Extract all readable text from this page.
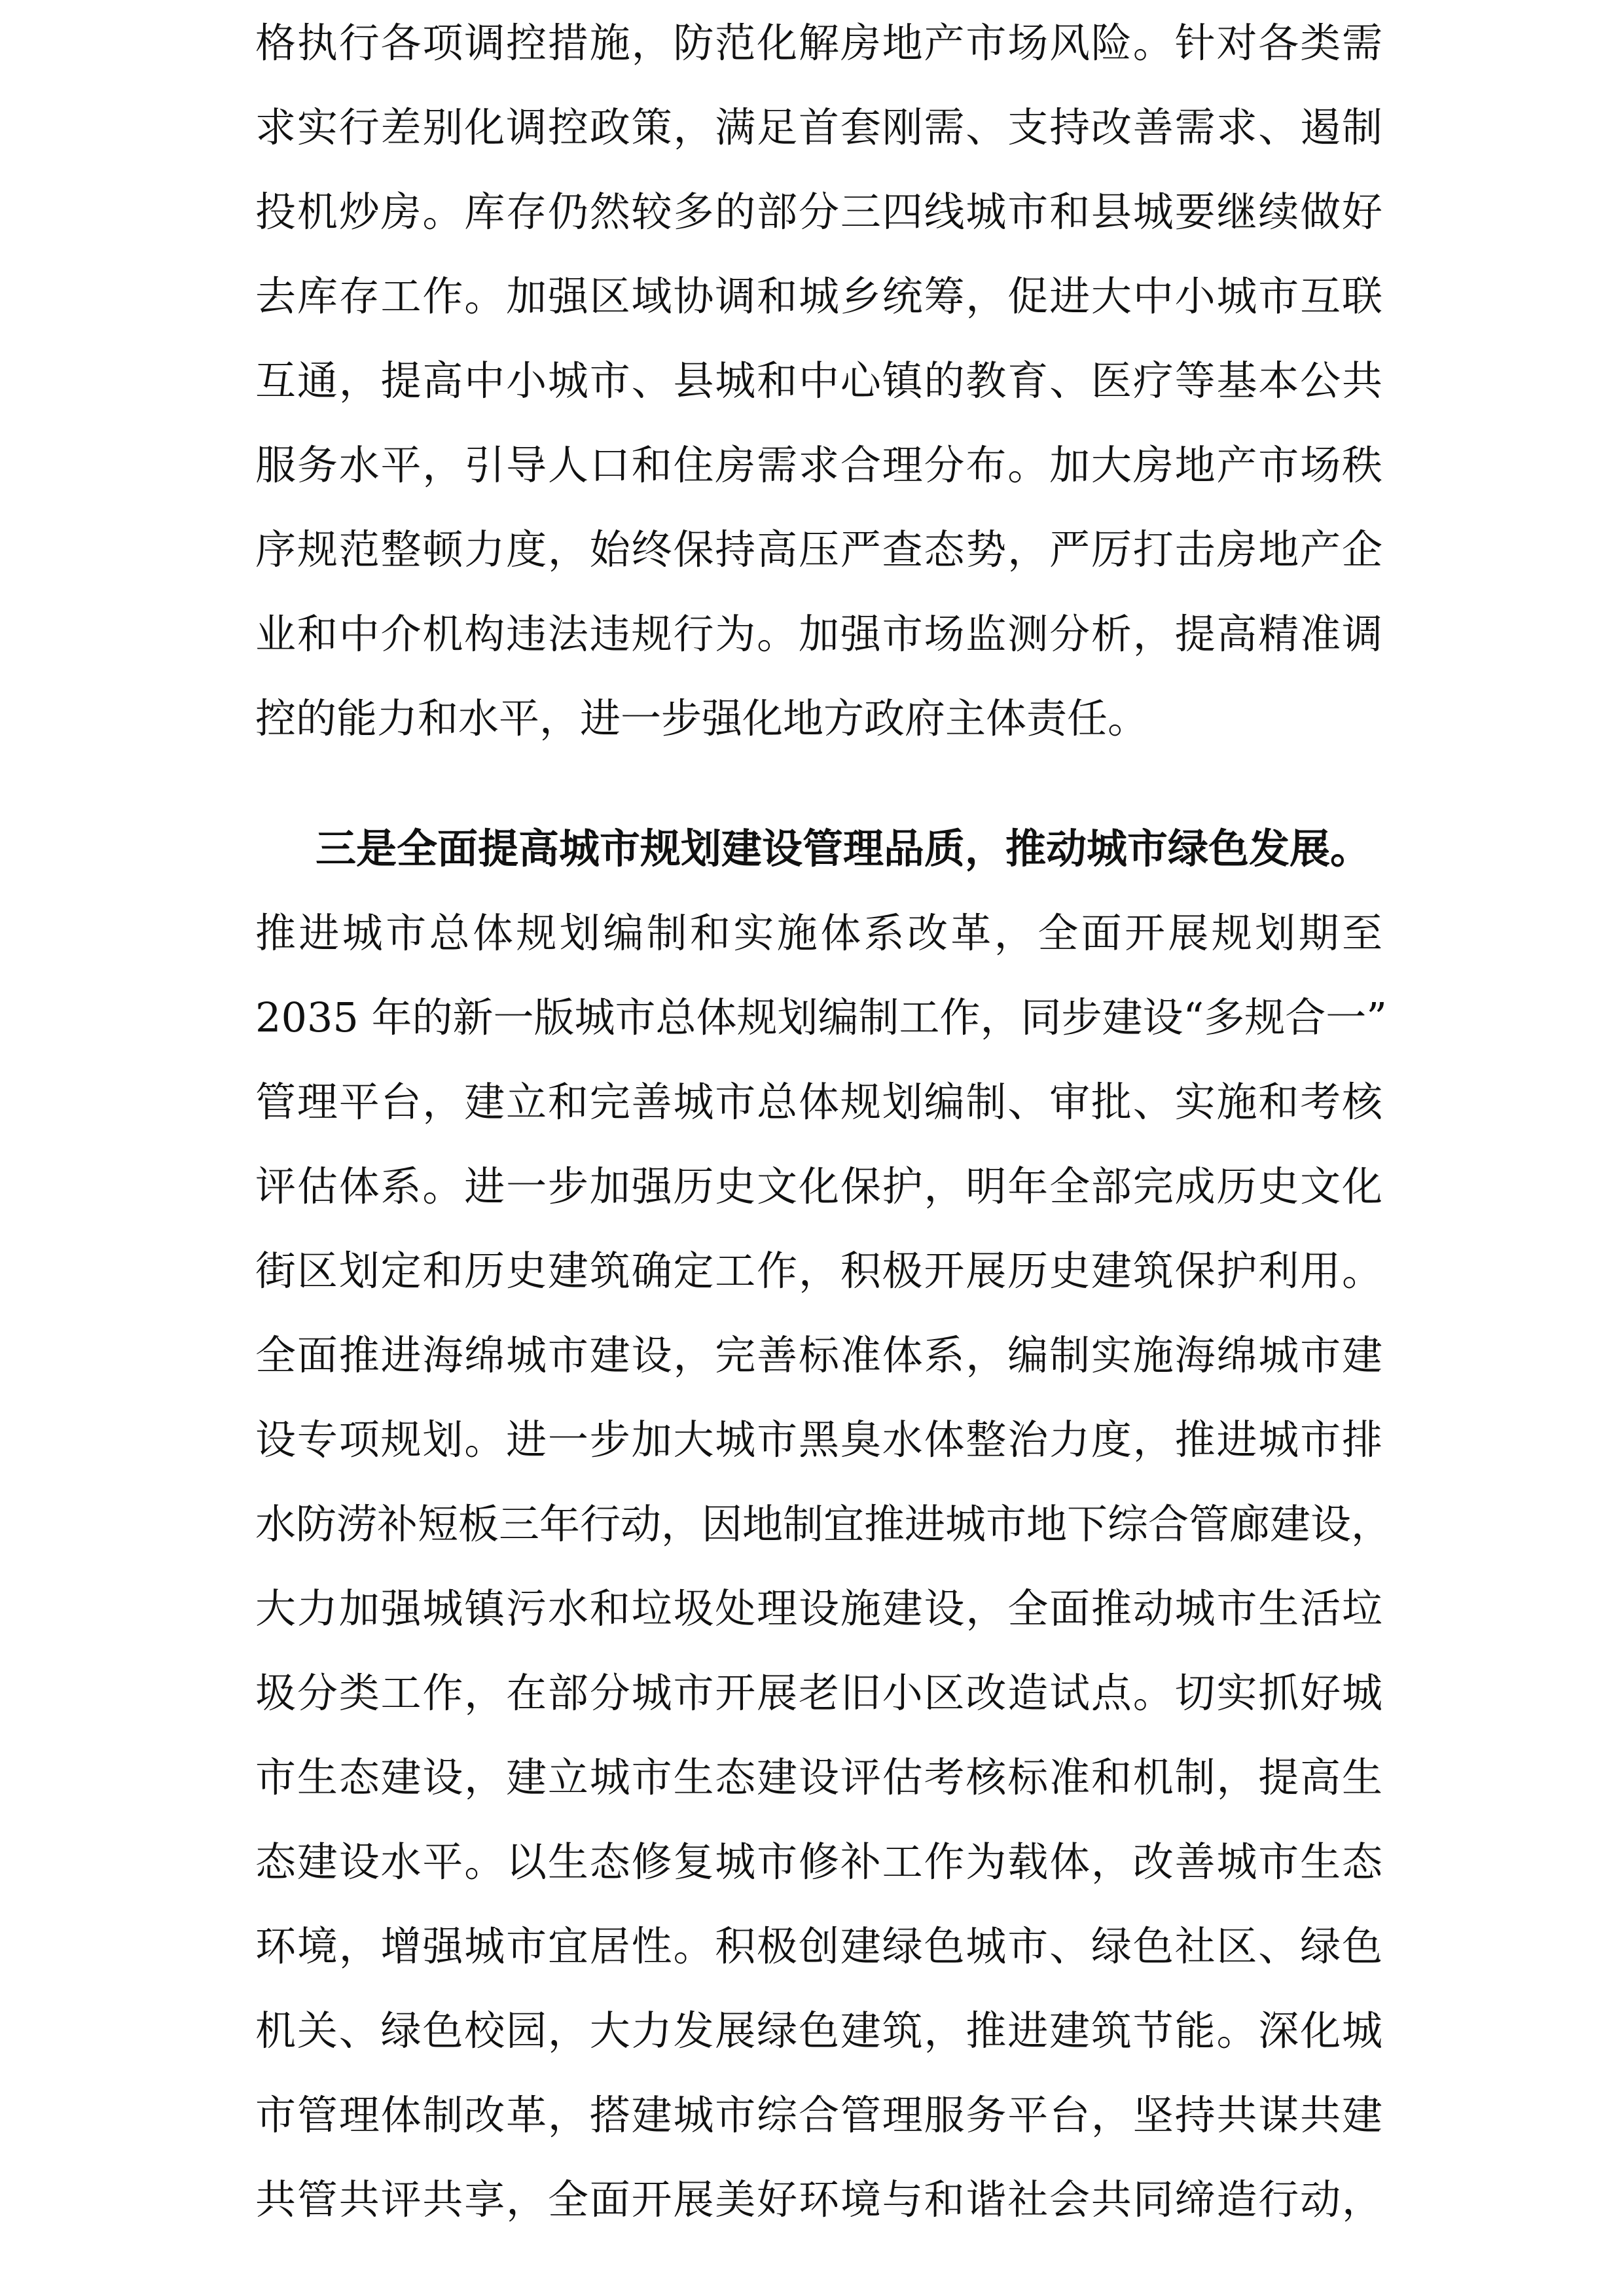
格执行各项调控措施，防范化解房地产市场风险。针对各类需
求实行差别化调控政策，满足首套刚需、支持改善需求、遏制
投机炒房。库存仍然较多的部分三四线城市和县城要继续做好
去库存工作。加强区域协调和城乡统筹，促进大中小城市互联
互通，提高中小城市、县城和中心镇的教育、医疗等基本公共
服务水平，引导人口和住房需求合理分布。加大房地产市场秩
序规范整顿力度，始终保持高压严查态势，严厉打击房地产企
业和中介机构违法违规行为。加强市场监测分析，提高精准调
控的能力和水平，进一步强化地方政府主体责任。
三是全面提高城市规划建设管理品质，推动城市绿色发展。
推进城市总体规划编制和实施体系改革，全面开展规划期至
2035 年的新一版城市总体规划编制工作，同步建设“多规合一”
管理平台，建立和完善城市总体规划编制、审批、实施和考核
评估体系。进一步加强历史文化保护，明年全部完成历史文化
街区划定和历史建筑确定工作，积极开展历史建筑保护利用。
全面推进海绵城市建设，完善标准体系，编制实施海绵城市建
设专项规划。进一步加大城市黑臭水体整治力度，推进城市排
水防涝补短板三年行动，因地制宜推进城市地下综合管廊建设，
大力加强城镇污水和垃圾处理设施建设，全面推动城市生活垃
圾分类工作，在部分城市开展老旧小区改造试点。切实抓好城
市生态建设，建立城市生态建设评估考核标准和机制，提高生
态建设水平。以生态修复城市修补工作为载体，改善城市生态
环境，增强城市宜居性。积极创建绿色城市、绿色社区、绿色
机关、绿色校园，大力发展绿色建筑，推进建筑节能。深化城
市管理体制改革，搭建城市综合管理服务平台，坚持共谋共建
共管共评共享，全面开展美好环境与和谐社会共同缔造行动，
